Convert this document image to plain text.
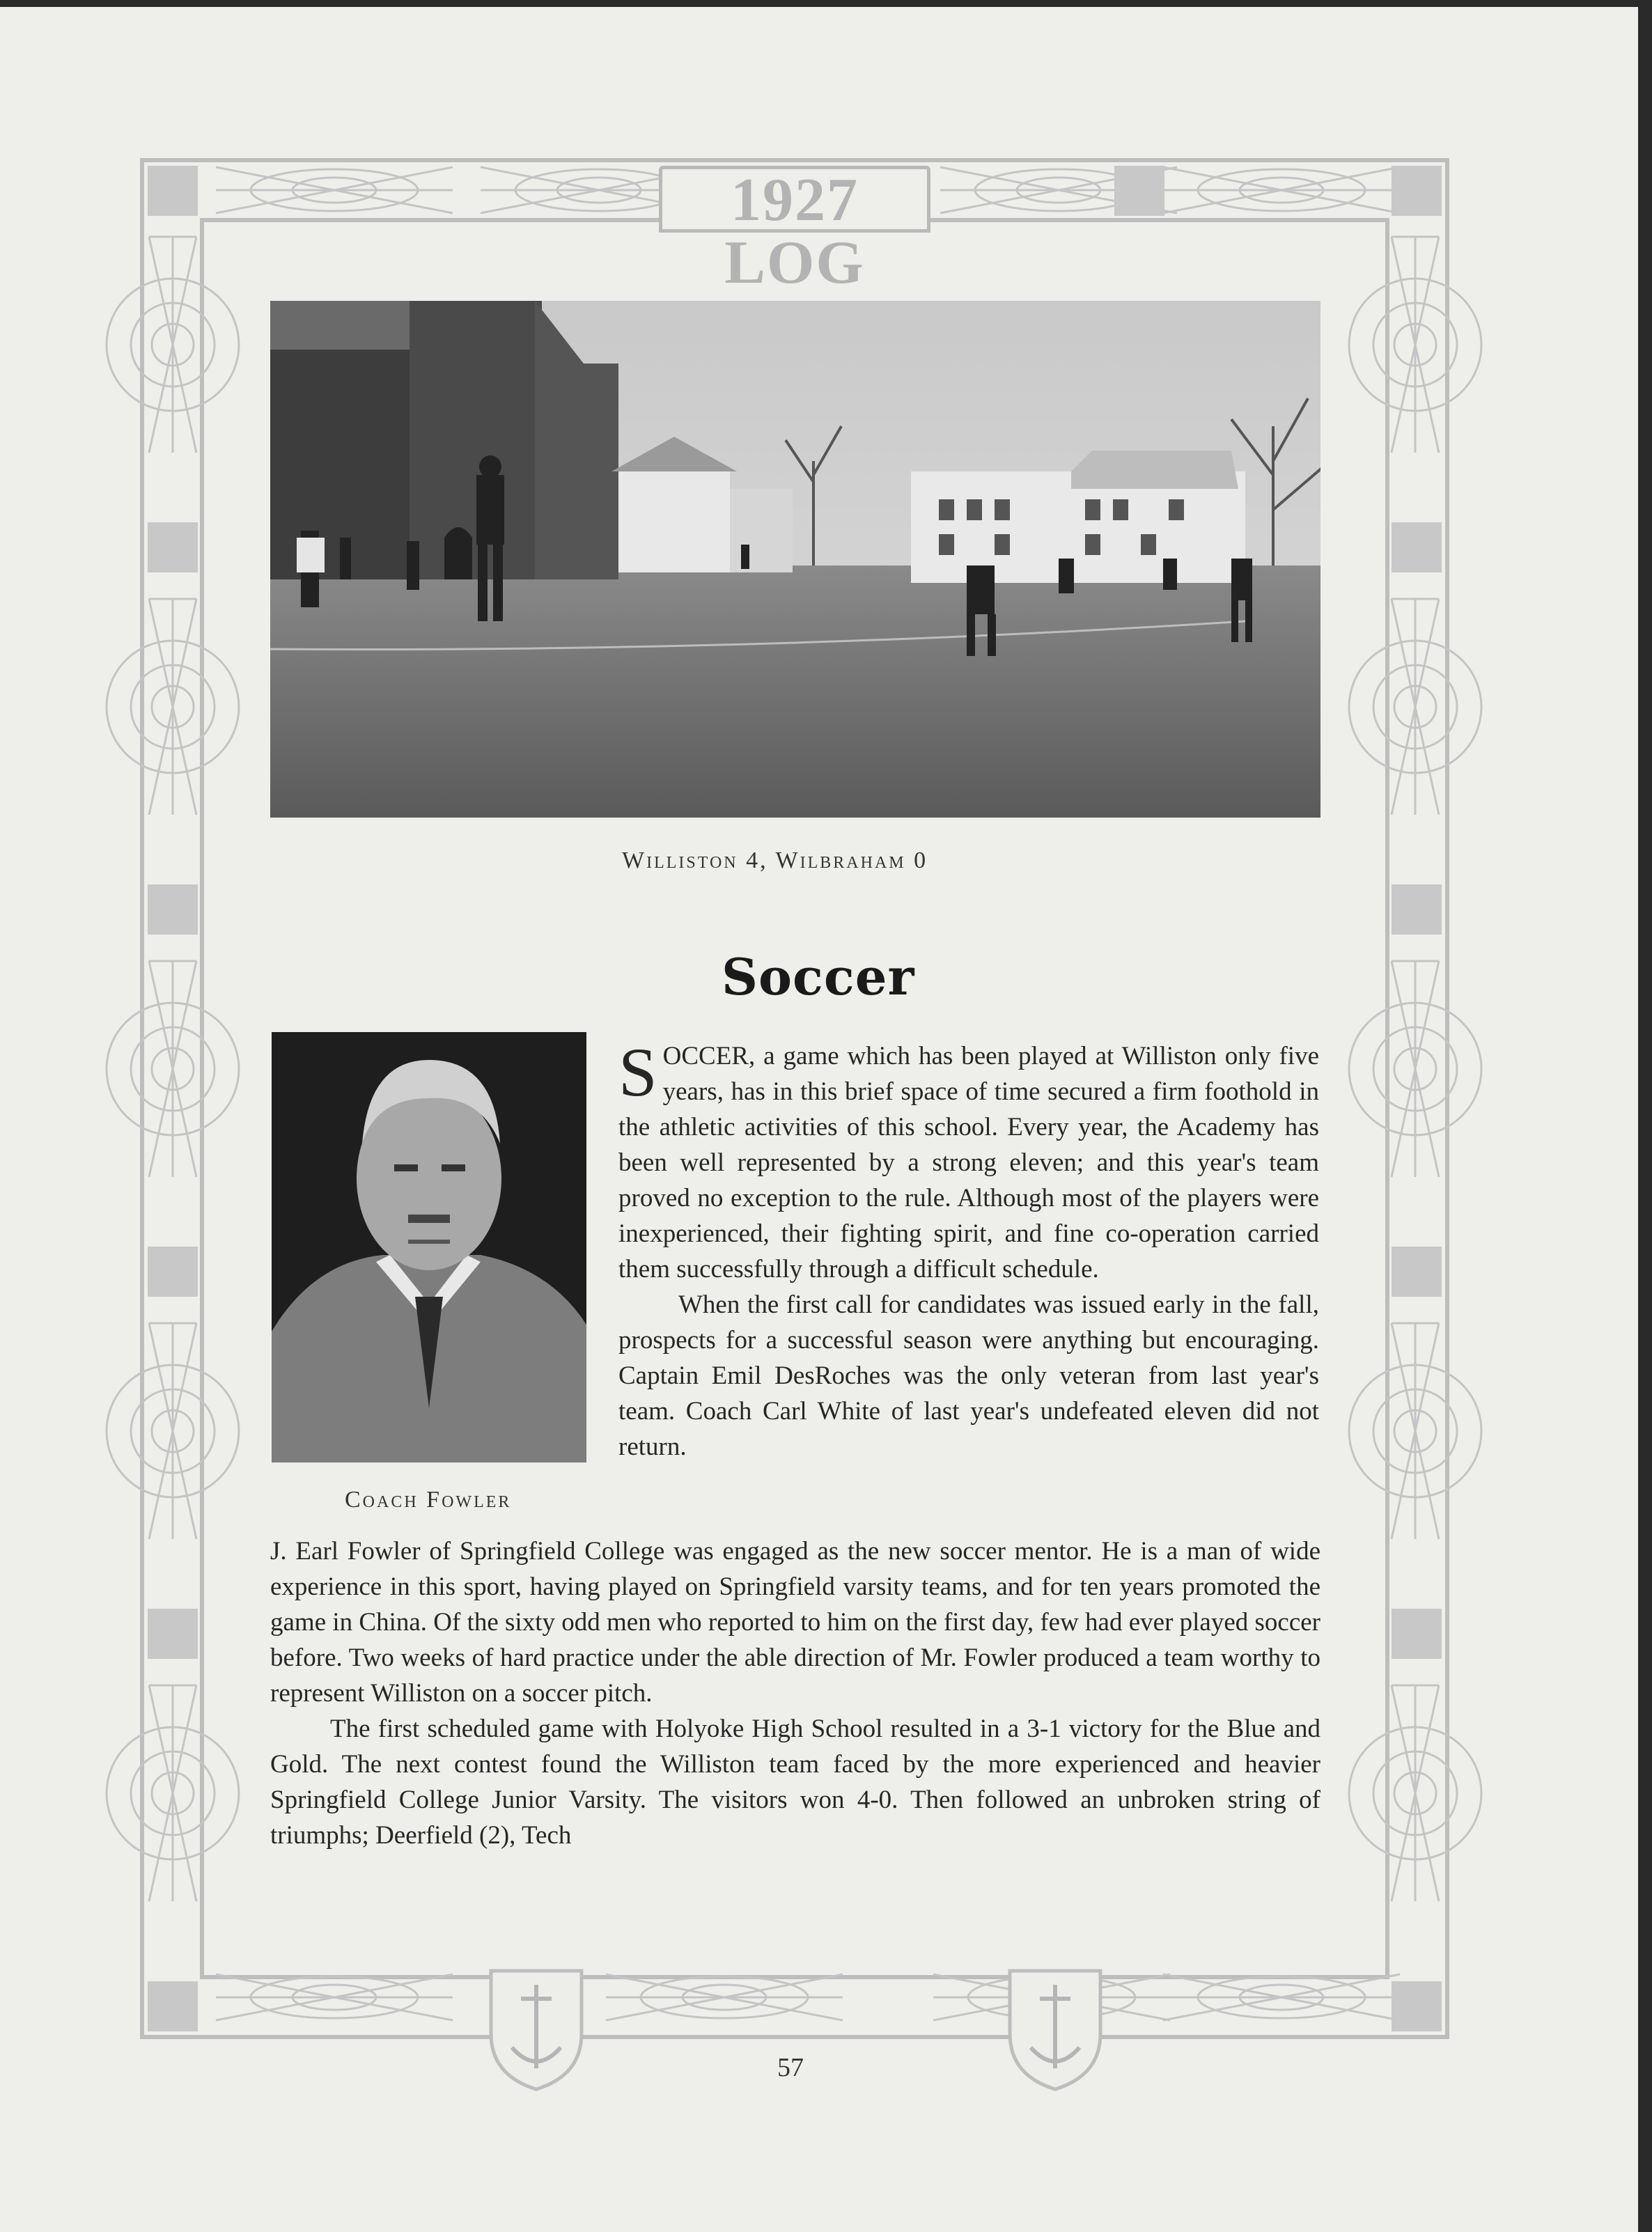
1927 LOG
Williston 4, Wilbraham 0
Soccer
Coach Fowler

SOCCER, a game which has been played at Williston only five years, has in this brief space of time secured a firm foothold in the athletic activities of this school. Every year, the Academy has been well represented by a strong eleven; and this year's team proved no exception to the rule. Although most of the players were inexperienced, their fighting spirit, and fine co-operation carried them successfully through a difficult schedule.

When the first call for candidates was issued early in the fall, prospects for a successful season were anything but encouraging. Captain Emil DesRoches was the only veteran from last year's team. Coach Carl White of last year's undefeated eleven did not return.

J. Earl Fowler of Springfield College was engaged as the new soccer mentor. He is a man of wide experience in this sport, having played on Springfield varsity teams, and for ten years promoted the game in China. Of the sixty odd men who reported to him on the first day, few had ever played soccer before. Two weeks of hard practice under the able direction of Mr. Fowler produced a team worthy to represent Williston on a soccer pitch.

The first scheduled game with Holyoke High School resulted in a 3-1 victory for the Blue and Gold. The next contest found the Williston team faced by the more experienced and heavier Springfield College Junior Varsity. The visitors won 4-0. Then followed an unbroken string of triumphs; Deerfield (2), Tech

57
